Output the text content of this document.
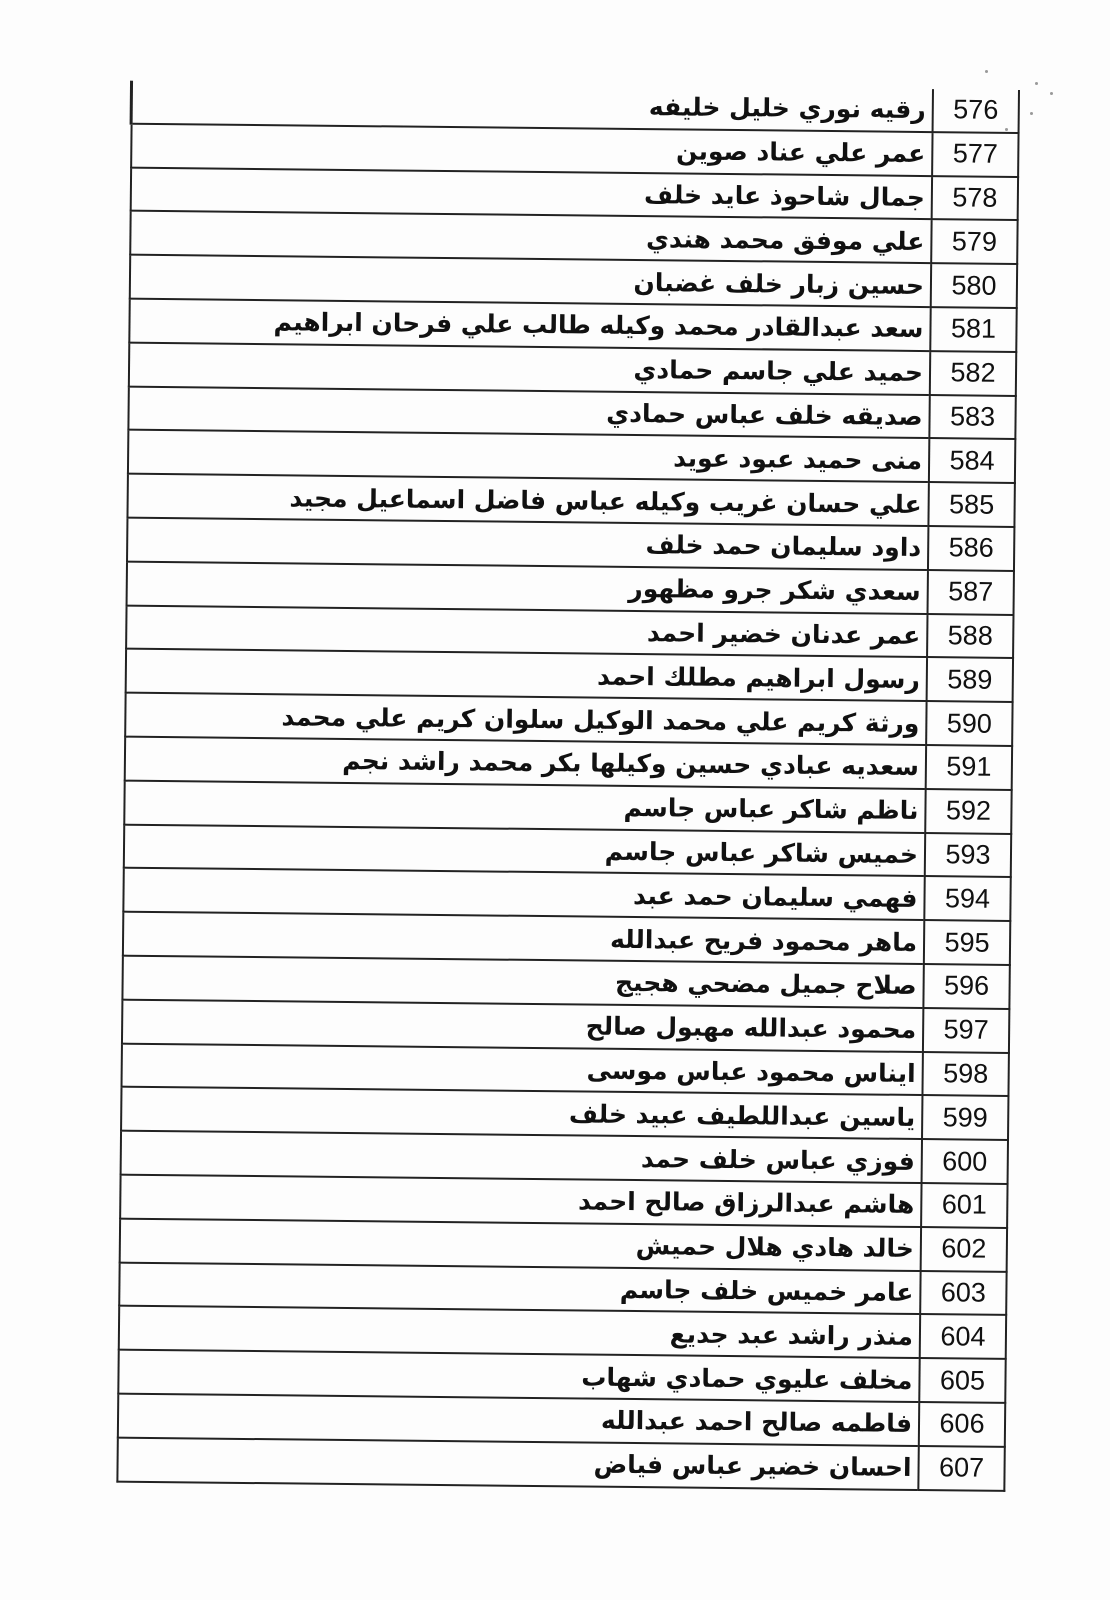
576	رقيه نوري خليل خليفه
577	عمر علي عناد صوين
578	جمال شاحوذ عايد خلف
579	علي موفق محمد هندي
580	حسين زبار خلف غضبان
581	سعد عبدالقادر محمد وكيله طالب علي فرحان ابراهيم
582	حميد علي جاسم حمادي
583	صديقه خلف عباس حمادي
584	منى حميد عبود عويد
585	علي حسان غريب وكيله عباس فاضل اسماعيل مجيد
586	داود سليمان حمد خلف
587	سعدي شكر جرو مظهور
588	عمر عدنان خضير احمد
589	رسول ابراهيم مطلك احمد
590	ورثة كريم علي محمد الوكيل سلوان كريم علي محمد
591	سعديه عبادي حسين وكيلها بكر محمد راشد نجم
592	ناظم شاكر عباس جاسم
593	خميس شاكر عباس جاسم
594	فهمي سليمان حمد عبد
595	ماهر محمود فريح عبدالله
596	صلاح جميل مضحي هجيج
597	محمود عبدالله مهبول صالح
598	ايناس محمود عباس موسى
599	ياسين عبداللطيف عبيد خلف
600	فوزي عباس خلف حمد
601	هاشم عبدالرزاق صالح احمد
602	خالد هادي هلال حميش
603	عامر خميس خلف جاسم
604	منذر راشد عبد جديع
605	مخلف عليوي حمادي شهاب
606	فاطمه صالح احمد عبدالله
607	احسان خضير عباس فياض
